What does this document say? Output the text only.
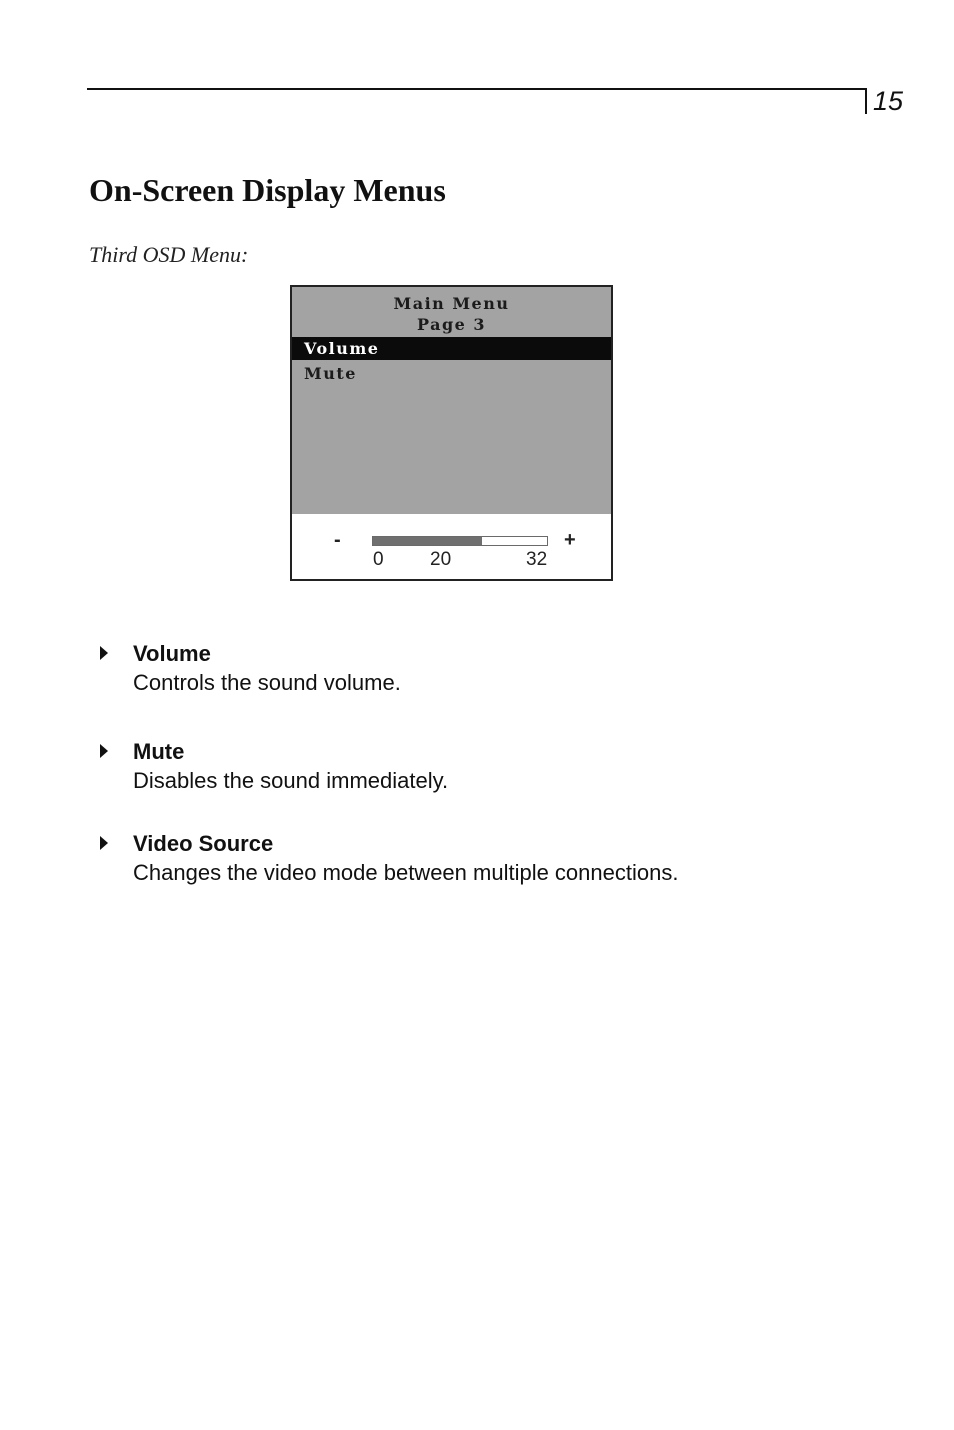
15
On-Screen Display Menus
Third OSD Menu:
Main Menu
Page 3
Volume
Mute
-	+
0 20	32
Volume
Controls the sound volume.
Mute
Disables the sound immediately.
Video Source
Changes the video mode between multiple connections.
